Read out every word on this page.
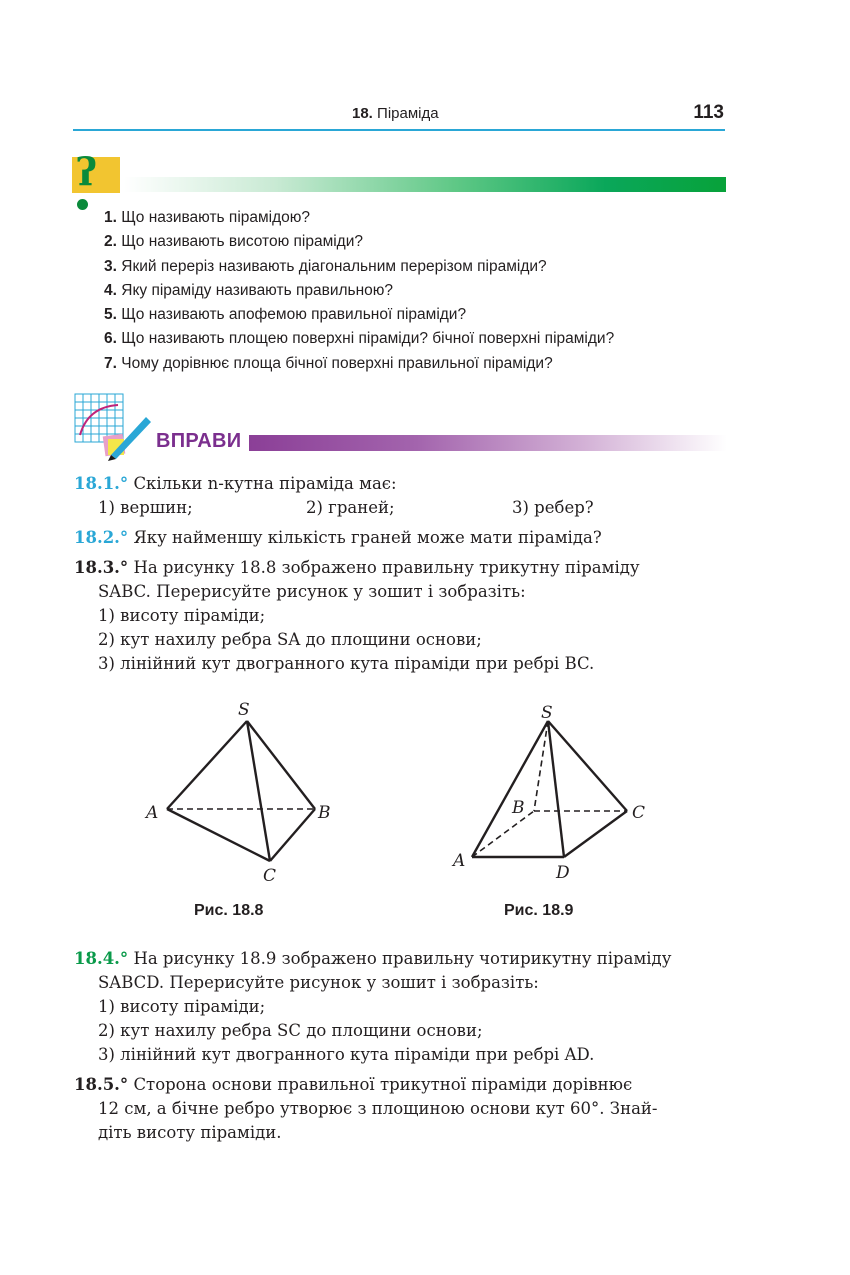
18. Піраміда	113
ʔ
1. Що називають пірамідою?
2. Що називають висотою піраміди?
3. Який переріз називають діагональним перерізом піраміди?
4. Яку піраміду називають правильною?
5. Що називають апофемою правильної піраміди?
6. Що називають площею поверхні піраміди? бічної поверхні піраміди?
7. Чому дорівнює площа бічної поверхні правильної піраміди?
ВПРАВИ

18.1.° Скільки n-кутна піраміда має:

1) вершин;	2) граней;	3) ребер?

18.2.° Яку найменшу кількість граней може мати піраміда?

18.3.° На рисунку 18.8 зображено правильну трикутну піраміду

SABC. Перерисуйте рисунок у зошит і зобразіть:

1) висоту піраміди;

2) кут нахилу ребра SA до площини основи;

3) лінійний кут двогранного кута піраміди при ребрі BC.

S
A	B
C
Рис. 18.8
S
A
B	C
D
Рис. 18.9

18.4.° На рисунку 18.9 зображено правильну чотирикутну піраміду

SABCD. Перерисуйте рисунок у зошит і зобразіть:

1) висоту піраміди;

2) кут нахилу ребра SC до площини основи;

3) лінійний кут двогранного кута піраміди при ребрі AD.

18.5.° Сторона основи правильної трикутної піраміди дорівнює

12 см, а бічне ребро утворює з площиною основи кут 60°. Знай-

діть висоту піраміди.
